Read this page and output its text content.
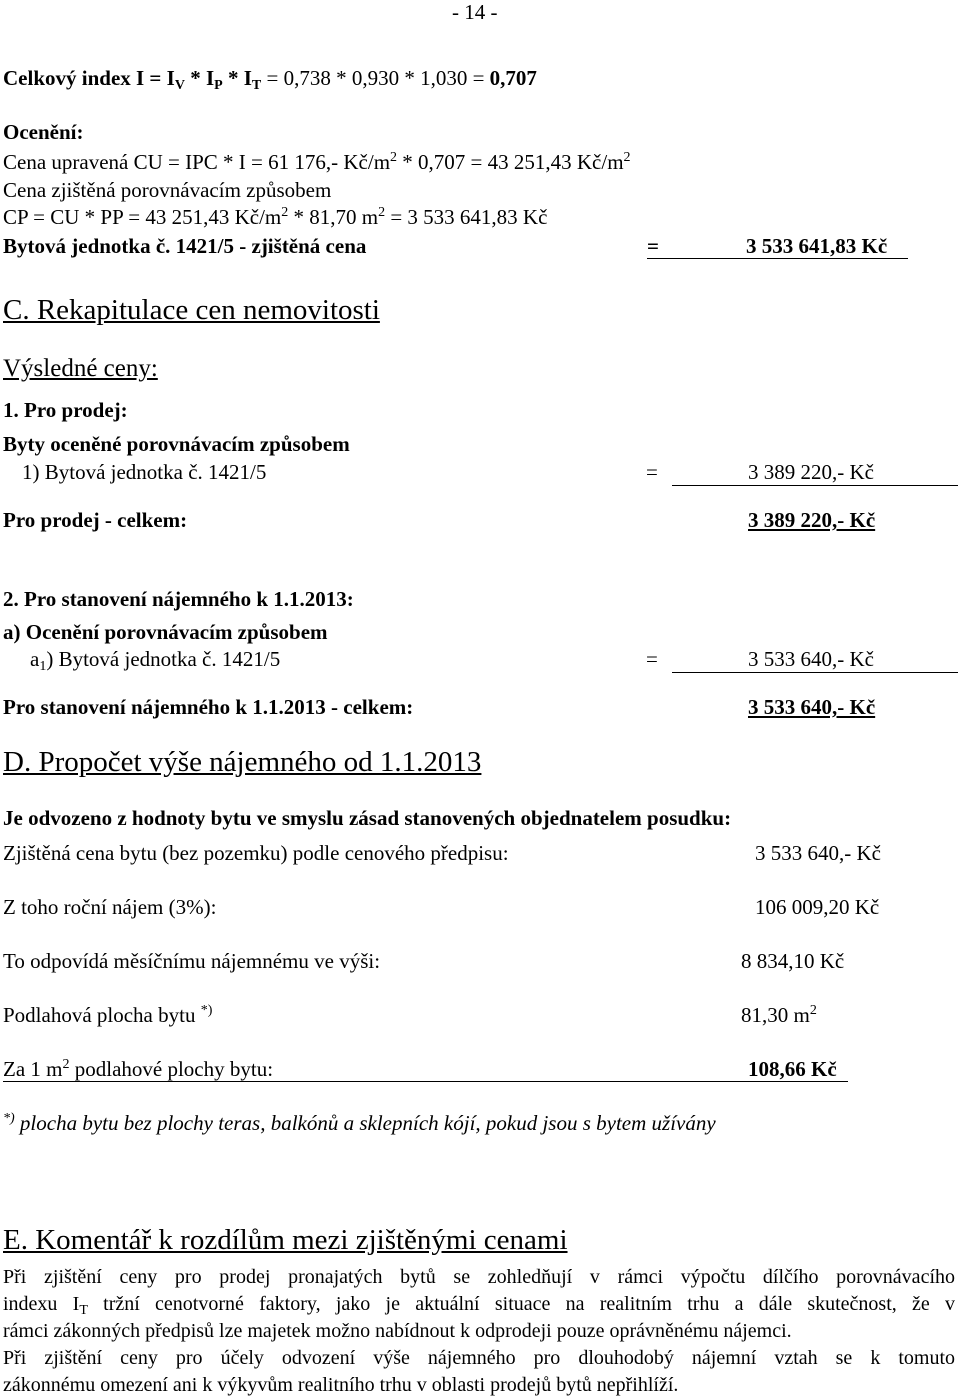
- 14 -
Celkový index $I = I_V * I_P * I_T = 0,738 * 0,930 * 1,030 = 0,707$
Ocenění:
Cena upravená CU = IPC * I = 61 176,- $Kč/m^2 * 0,707 = 43$ 251,43 $Kč/m^2$
Cena zjištěná porovnávacím způsobem
CP = CU * PP = 43 251,43 $Kč/m^2 * 81,70$ $m^2 = 3$ 533 641,83 Kč
Bytová jednotka č. 1421/5 - zjištěná cena	=	3 533 641,83 Kč
C. Rekapitulace cen nemovitosti
Výsledné ceny:
1. Pro prodej:
Byty oceněné porovnávacím způsobem
1) Bytová jednotka č. 1421/5	=	3 389 220,- Kč
Pro prodej - celkem:	3 389 220,- Kč
2. Pro stanovení nájemného k 1.1.2013:
a) Ocenění porovnávacím způsobem
$a_1$) Bytová jednotka č. 1421/5	=	3 533 640,- Kč
Pro stanovení nájemného k 1.1.2013 - celkem:	3 533 640,- Kč
D. Propočet výše nájemného od 1.1.2013
Je odvozeno z hodnoty bytu ve smyslu zásad stanovených objednatelem posudku:
Zjištěná cena bytu (bez pozemku) podle cenového předpisu:	3 533 640,- Kč
Z toho roční nájem (3%):	106 009,20 Kč
To odpovídá měsíčnímu nájemnému ve výši:	8 834,10 Kč
Podlahová plocha bytu *)	81,30 $m^2$
Za 1 $m^2$ podlahové plochy bytu:	108,66 Kč
*) plocha bytu bez plochy teras, balkónů a sklepních kójí, pokud jsou s bytem užívány
E. Komentář k rozdílům mezi zjištěnými cenami
Při zjištění ceny pro prodej pronajatých bytů se zohledňují v rámci výpočtu dílčího porovnávacího
indexu $I_T$ tržní cenotvorné faktory, jako je aktuální situace na realitním trhu a dále skutečnost, že v
rámci zákonných předpisů lze majetek možno nabídnout k odprodeji pouze oprávněnému nájemci.
Při zjištění ceny pro účely odvození výše nájemného pro dlouhodobý nájemní vztah se k tomuto
zákonnému omezení ani k výkyvům realitního trhu v oblasti prodejů bytů nepřihlíží.
